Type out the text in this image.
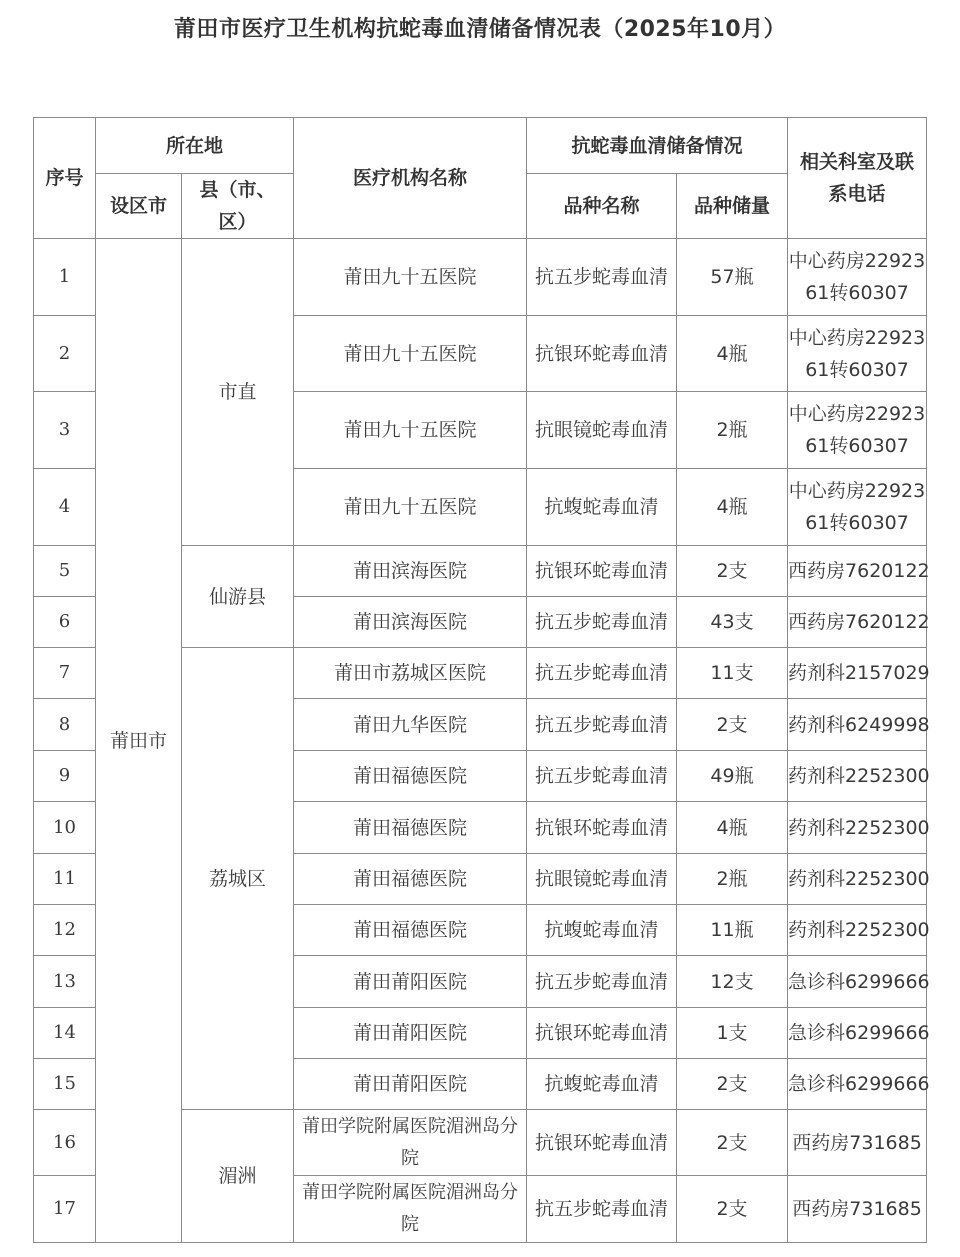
莆田市医疗卫生机构抗蛇毒血清储备情况表（2025年10月）
序号	所在地		医疗机构名称	抗蛇毒血清储备情况		相关科室及联系电话
	设区市	县（市、区）		品种名称	品种储量	
1	莆田市	市直	莆田九十五医院	抗五步蛇毒血清	57瓶	中心药房2292361转60307
2			莆田九十五医院	抗银环蛇毒血清	4瓶	中心药房2292361转60307
3			莆田九十五医院	抗眼镜蛇毒血清	2瓶	中心药房2292361转60307
4			莆田九十五医院	抗蝮蛇毒血清	4瓶	中心药房2292361转60307
5		仙游县	莆田滨海医院	抗银环蛇毒血清	2支	西药房7620122
6			莆田滨海医院	抗五步蛇毒血清	43支	西药房7620122
7		荔城区	莆田市荔城区医院	抗五步蛇毒血清	11支	药剂科2157029
8			莆田九华医院	抗五步蛇毒血清	2支	药剂科6249998
9			莆田福德医院	抗五步蛇毒血清	49瓶	药剂科2252300
10			莆田福德医院	抗银环蛇毒血清	4瓶	药剂科2252300
11			莆田福德医院	抗眼镜蛇毒血清	2瓶	药剂科2252300
12			莆田福德医院	抗蝮蛇毒血清	11瓶	药剂科2252300
13			莆田莆阳医院	抗五步蛇毒血清	12支	急诊科6299666
14			莆田莆阳医院	抗银环蛇毒血清	1支	急诊科6299666
15			莆田莆阳医院	抗蝮蛇毒血清	2支	急诊科6299666
16		湄洲	莆田学院附属医院湄洲岛分院	抗银环蛇毒血清	2支	西药房731685
17			莆田学院附属医院湄洲岛分院	抗五步蛇毒血清	2支	西药房731685
